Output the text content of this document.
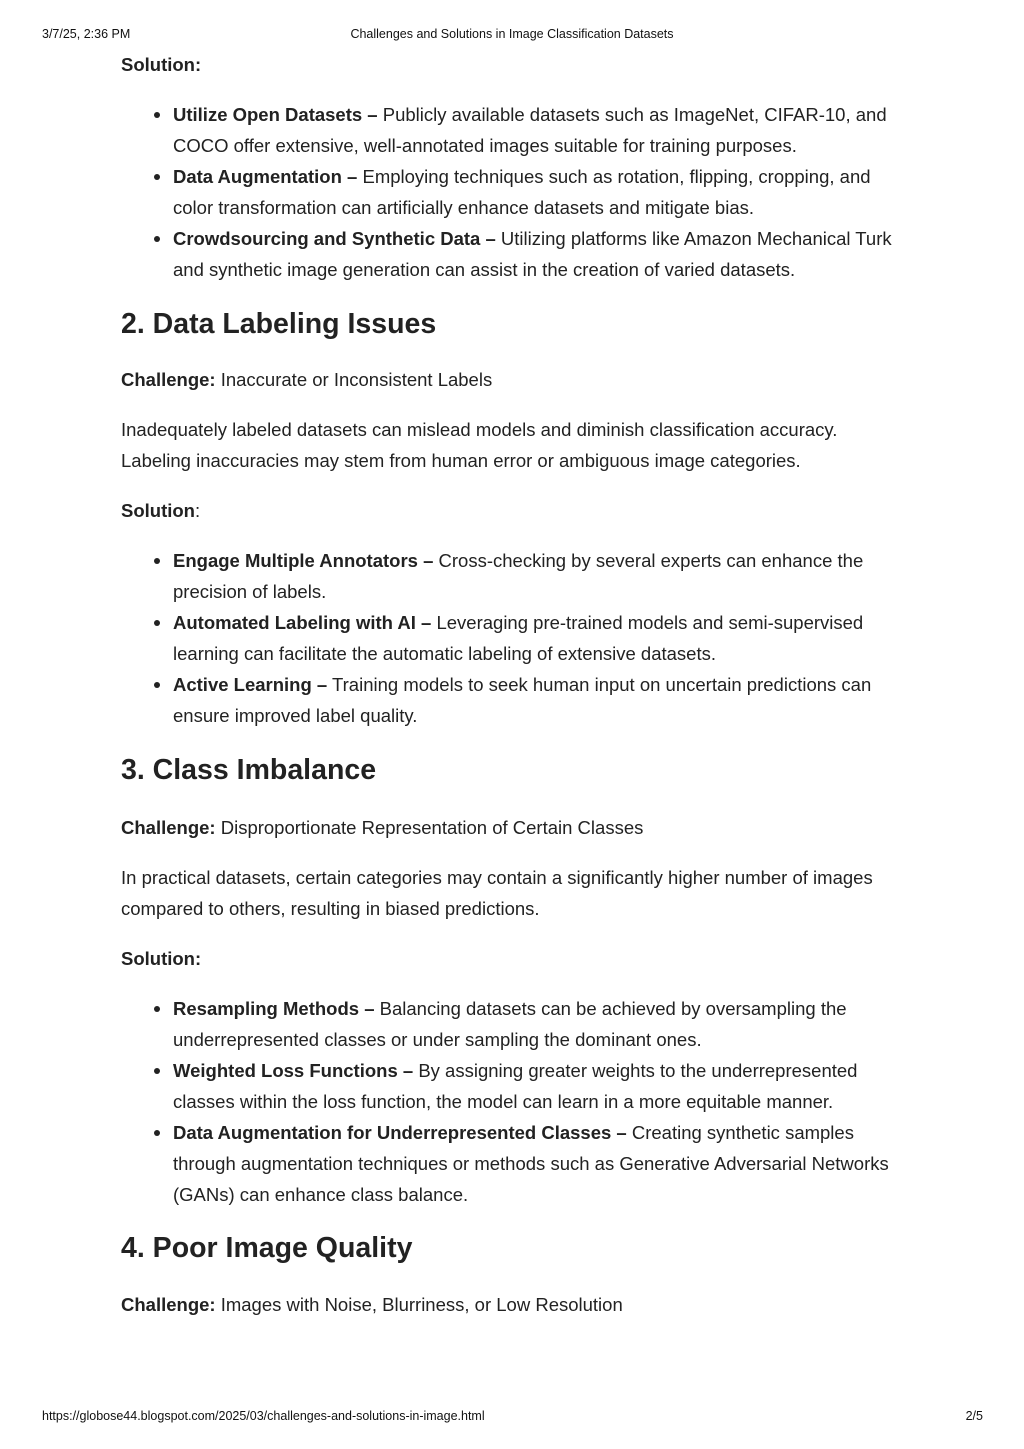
3/7/25, 2:36 PM	Challenges and Solutions in Image Classification Datasets

Solution:

Utilize Open Datasets – Publicly available datasets such as ImageNet, CIFAR-10, and COCO offer extensive, well-annotated images suitable for training purposes.
Data Augmentation – Employing techniques such as rotation, flipping, cropping, and color transformation can artificially enhance datasets and mitigate bias.
Crowdsourcing and Synthetic Data – Utilizing platforms like Amazon Mechanical Turk and synthetic image generation can assist in the creation of varied datasets.
2. Data Labeling Issues

Challenge: Inaccurate or Inconsistent Labels

Inadequately labeled datasets can mislead models and diminish classification accuracy. Labeling inaccuracies may stem from human error or ambiguous image categories.

Solution:

Engage Multiple Annotators – Cross-checking by several experts can enhance the precision of labels.
Automated Labeling with AI – Leveraging pre-trained models and semi-supervised learning can facilitate the automatic labeling of extensive datasets.
Active Learning – Training models to seek human input on uncertain predictions can ensure improved label quality.
3. Class Imbalance

Challenge: Disproportionate Representation of Certain Classes

In practical datasets, certain categories may contain a significantly higher number of images compared to others, resulting in biased predictions.

Solution:

Resampling Methods – Balancing datasets can be achieved by oversampling the underrepresented classes or under sampling the dominant ones.
Weighted Loss Functions – By assigning greater weights to the underrepresented classes within the loss function, the model can learn in a more equitable manner.
Data Augmentation for Underrepresented Classes – Creating synthetic samples through augmentation techniques or methods such as Generative Adversarial Networks (GANs) can enhance class balance.
4. Poor Image Quality

Challenge: Images with Noise, Blurriness, or Low Resolution

https://globose44.blogspot.com/2025/03/challenges-and-solutions-in-image.html	2/5
